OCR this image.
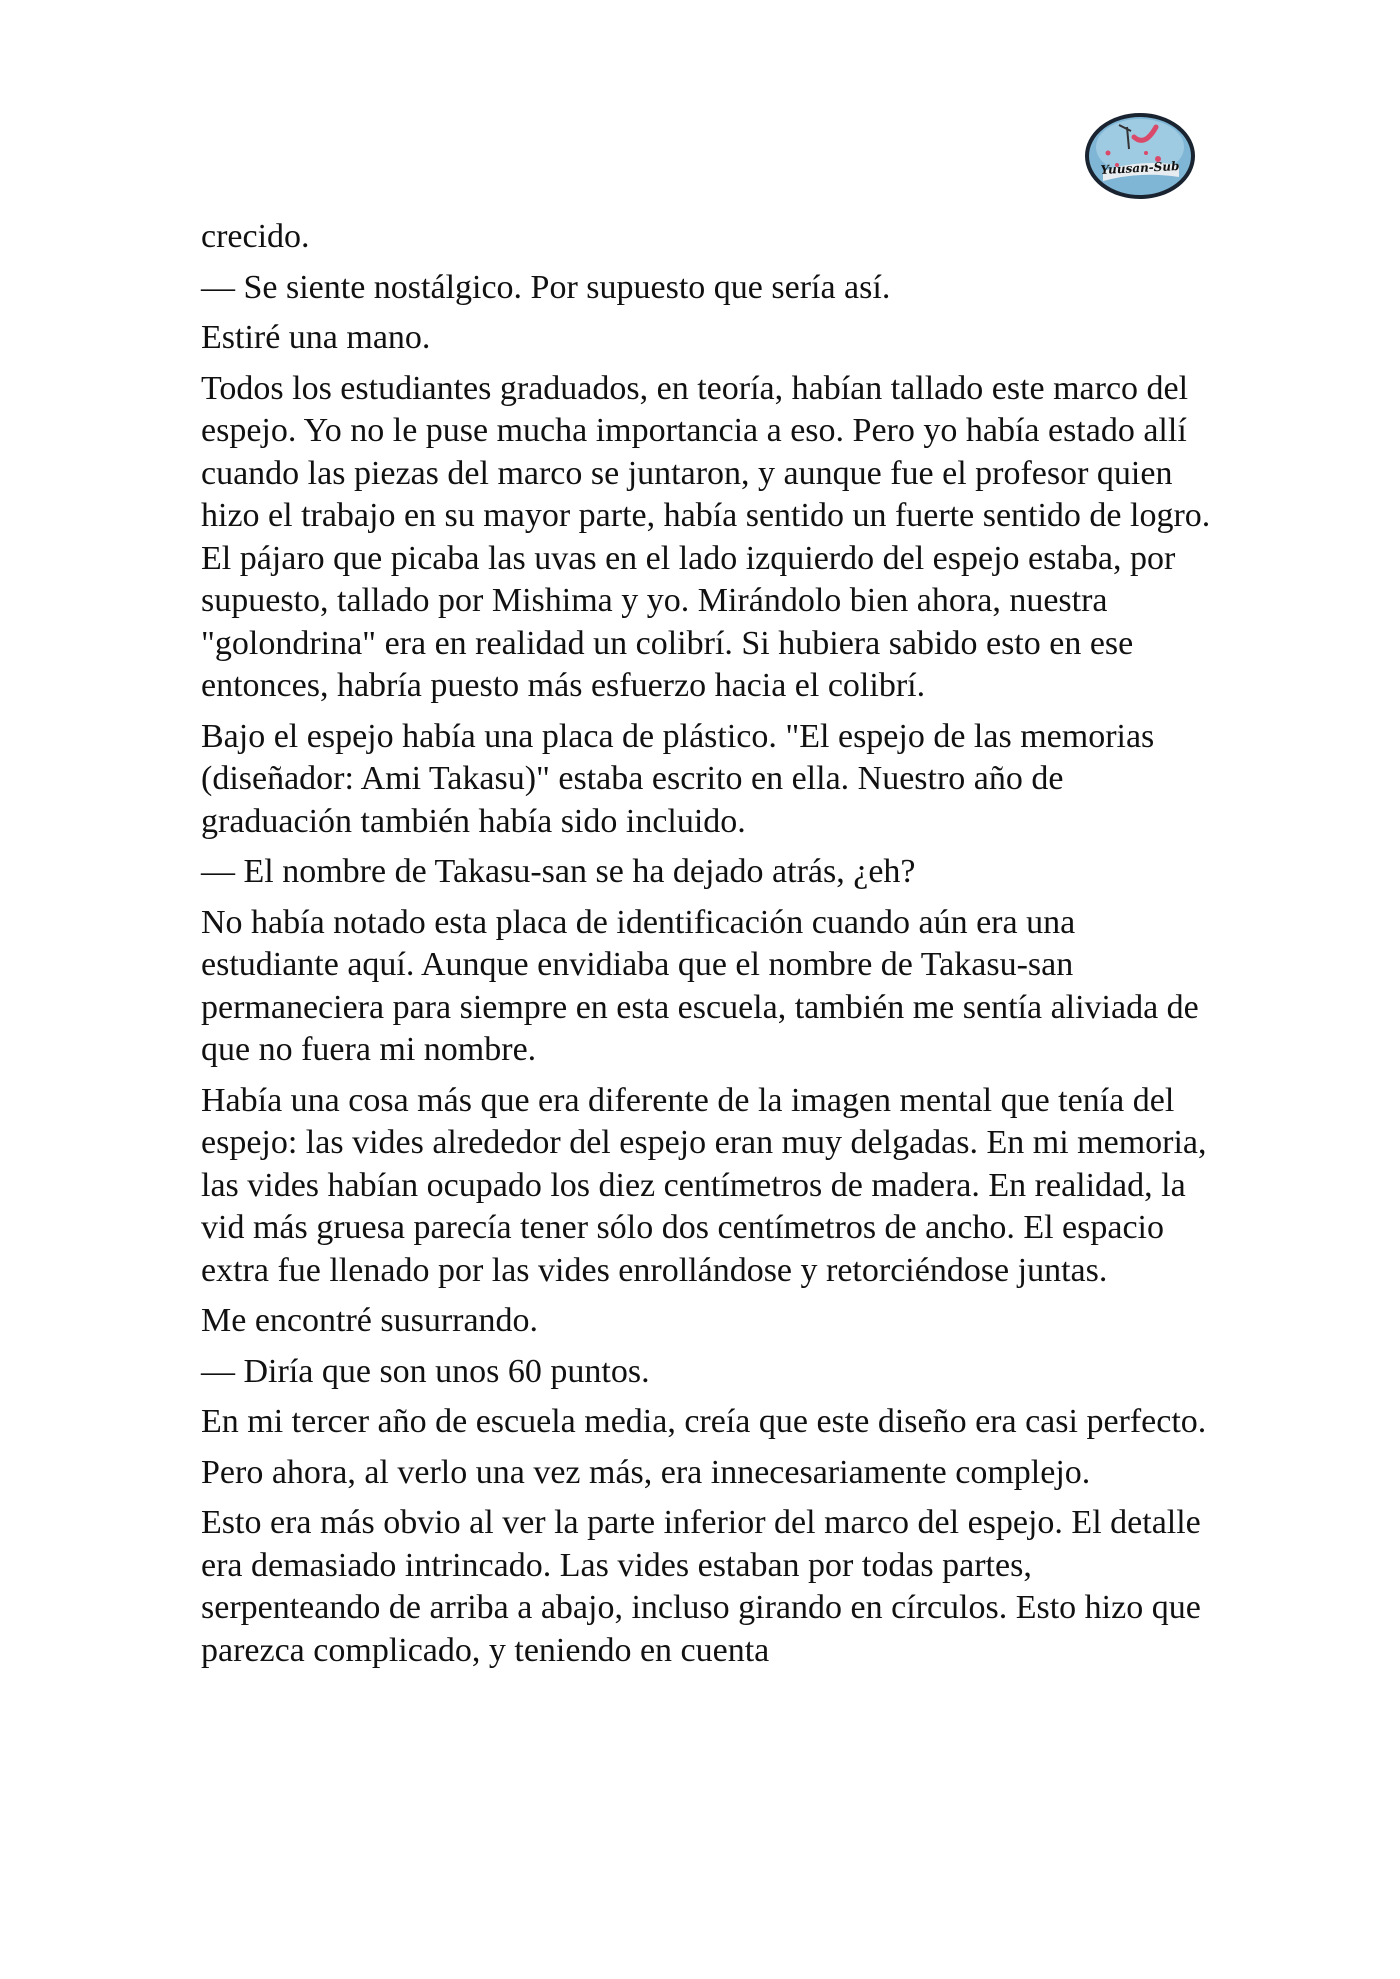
Yuusan-Sub

crecido.

— Se siente nostálgico. Por supuesto que sería así.

Estiré una mano.

Todos los estudiantes graduados, en teoría, habían tallado este marco del espejo. Yo no le puse mucha importancia a eso. Pero yo había estado allí cuando las piezas del marco se juntaron, y aunque fue el profesor quien hizo el trabajo en su mayor parte, había sentido un fuerte sentido de logro. El pájaro que picaba las uvas en el lado izquierdo del espejo estaba, por supuesto, tallado por Mishima y yo. Mirándolo bien ahora, nuestra "golondrina" era en realidad un colibrí. Si hubiera sabido esto en ese entonces, habría puesto más esfuerzo hacia el colibrí.

Bajo el espejo había una placa de plástico. "El espejo de las memorias (diseñador: Ami Takasu)" estaba escrito en ella. Nuestro año de graduación también había sido incluido.

— El nombre de Takasu-san se ha dejado atrás, ¿eh?

No había notado esta placa de identificación cuando aún era una estudiante aquí. Aunque envidiaba que el nombre de Takasu-san permaneciera para siempre en esta escuela, también me sentía aliviada de que no fuera mi nombre.

Había una cosa más que era diferente de la imagen mental que tenía del espejo: las vides alrededor del espejo eran muy delgadas. En mi memoria, las vides habían ocupado los diez centímetros de madera. En realidad, la vid más gruesa parecía tener sólo dos centímetros de ancho. El espacio extra fue llenado por las vides enrollándose y retorciéndose juntas.

Me encontré susurrando.

— Diría que son unos 60 puntos.

En mi tercer año de escuela media, creía que este diseño era casi perfecto.

Pero ahora, al verlo una vez más, era innecesariamente complejo.

Esto era más obvio al ver la parte inferior del marco del espejo. El detalle era demasiado intrincado. Las vides estaban por todas partes, serpenteando de arriba a abajo, incluso girando en círculos. Esto hizo que parezca complicado, y teniendo en cuenta
